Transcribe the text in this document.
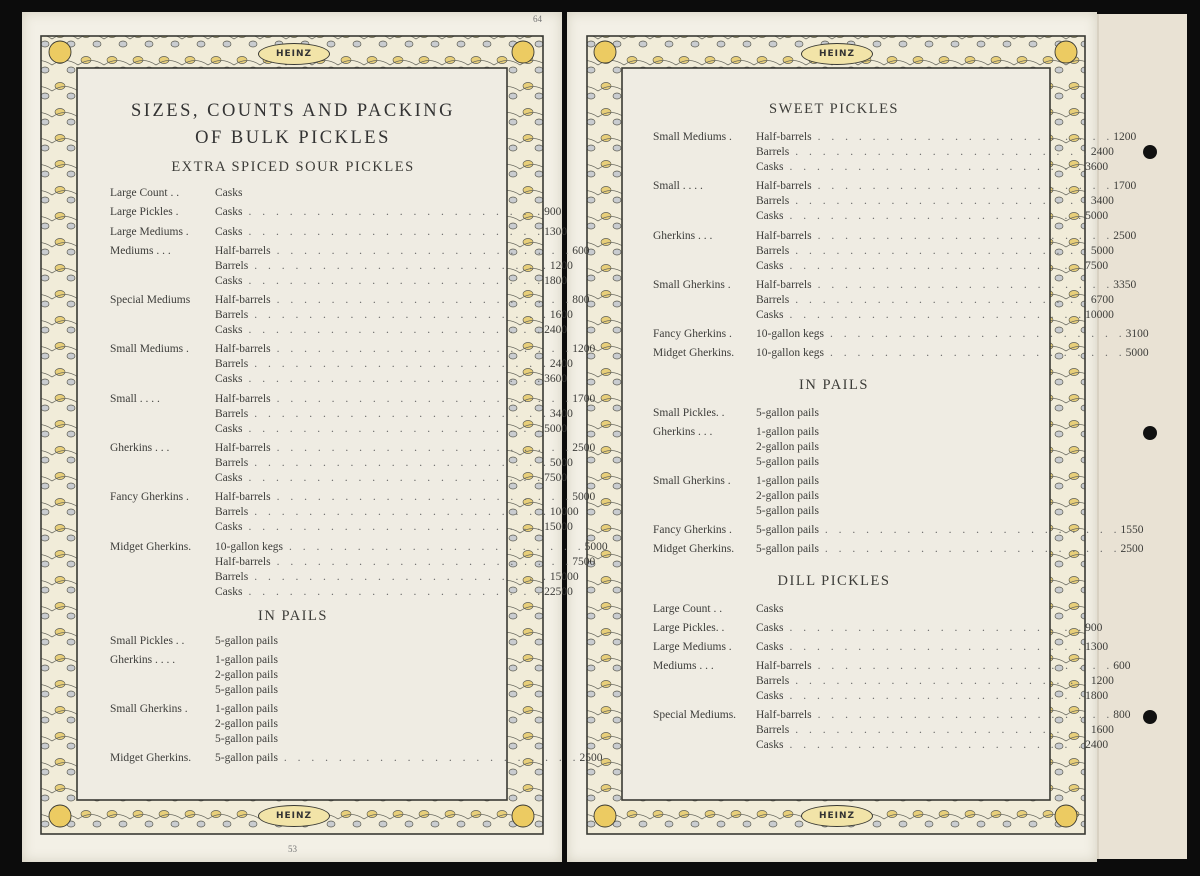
HEINZ
HEINZ
HEINZ
HEINZ
53
64
SIZES, COUNTS AND PACKING
OF BULK PICKLES
EXTRA SPICED SOUR PICKLES
Large Count . .	Casks
Large Pickles .	Casks . . . . . . . . . . . . . . . . . . . . . . 900
Large Mediums .	Casks . . . . . . . . . . . . . . . . . . . . . . 1300
Mediums . . .	Half-barrels . . . . . . . . . . . . . . . . . . . . . . 600
Barrels . . . . . . . . . . . . . . . . . . . . . . 1200
Casks . . . . . . . . . . . . . . . . . . . . . . 1800
Special Mediums	Half-barrels . . . . . . . . . . . . . . . . . . . . . . 800
Barrels . . . . . . . . . . . . . . . . . . . . . . 1600
Casks . . . . . . . . . . . . . . . . . . . . . . 2400
Small Mediums .	Half-barrels . . . . . . . . . . . . . . . . . . . . . . 1200
Barrels . . . . . . . . . . . . . . . . . . . . . . 2400
Casks . . . . . . . . . . . . . . . . . . . . . . 3600
Small . . . .	Half-barrels . . . . . . . . . . . . . . . . . . . . . . 1700
Barrels . . . . . . . . . . . . . . . . . . . . . . 3400
Casks . . . . . . . . . . . . . . . . . . . . . . 5000
Gherkins . . .	Half-barrels . . . . . . . . . . . . . . . . . . . . . . 2500
Barrels . . . . . . . . . . . . . . . . . . . . . . 5000
Casks . . . . . . . . . . . . . . . . . . . . . . 7500
Fancy Gherkins .	Half-barrels . . . . . . . . . . . . . . . . . . . . . . 5000
Barrels . . . . . . . . . . . . . . . . . . . . . . 10000
Casks . . . . . . . . . . . . . . . . . . . . . . 15000
Midget Gherkins.	10-gallon kegs . . . . . . . . . . . . . . . . . . . . . . 5000
Half-barrels . . . . . . . . . . . . . . . . . . . . . . 7500
Barrels . . . . . . . . . . . . . . . . . . . . . . 15000
Casks . . . . . . . . . . . . . . . . . . . . . . 22500
IN PAILS
Small Pickles . .	5-gallon pails
Gherkins . . . .	1-gallon pails
2-gallon pails
5-gallon pails
Small Gherkins .	1-gallon pails
2-gallon pails
5-gallon pails
Midget Gherkins.	5-gallon pails . . . . . . . . . . . . . . . . . . . . . . 2500
SWEET PICKLES
Small Mediums .	Half-barrels . . . . . . . . . . . . . . . . . . . . . . 1200
Barrels . . . . . . . . . . . . . . . . . . . . . . 2400
Casks . . . . . . . . . . . . . . . . . . . . . . 3600
Small . . . .	Half-barrels . . . . . . . . . . . . . . . . . . . . . . 1700
Barrels . . . . . . . . . . . . . . . . . . . . . . 3400
Casks . . . . . . . . . . . . . . . . . . . . . . 5000
Gherkins . . .	Half-barrels . . . . . . . . . . . . . . . . . . . . . . 2500
Barrels . . . . . . . . . . . . . . . . . . . . . . 5000
Casks . . . . . . . . . . . . . . . . . . . . . . 7500
Small Gherkins .	Half-barrels . . . . . . . . . . . . . . . . . . . . . . 3350
Barrels . . . . . . . . . . . . . . . . . . . . . . 6700
Casks . . . . . . . . . . . . . . . . . . . . . . 10000
Fancy Gherkins .	10-gallon kegs . . . . . . . . . . . . . . . . . . . . . . 3100
Midget Gherkins.	10-gallon kegs . . . . . . . . . . . . . . . . . . . . . . 5000
IN PAILS
Small Pickles. .	5-gallon pails
Gherkins . . .	1-gallon pails
2-gallon pails
5-gallon pails
Small Gherkins .	1-gallon pails
2-gallon pails
5-gallon pails
Fancy Gherkins .	5-gallon pails . . . . . . . . . . . . . . . . . . . . . . 1550
Midget Gherkins.	5-gallon pails . . . . . . . . . . . . . . . . . . . . . . 2500
DILL PICKLES
Large Count . .	Casks
Large Pickles. .	Casks . . . . . . . . . . . . . . . . . . . . . . 900
Large Mediums .	Casks . . . . . . . . . . . . . . . . . . . . . . 1300
Mediums . . .	Half-barrels . . . . . . . . . . . . . . . . . . . . . . 600
Barrels . . . . . . . . . . . . . . . . . . . . . . 1200
Casks . . . . . . . . . . . . . . . . . . . . . . 1800
Special Mediums.	Half-barrels . . . . . . . . . . . . . . . . . . . . . . 800
Barrels . . . . . . . . . . . . . . . . . . . . . . 1600
Casks . . . . . . . . . . . . . . . . . . . . . . 2400
